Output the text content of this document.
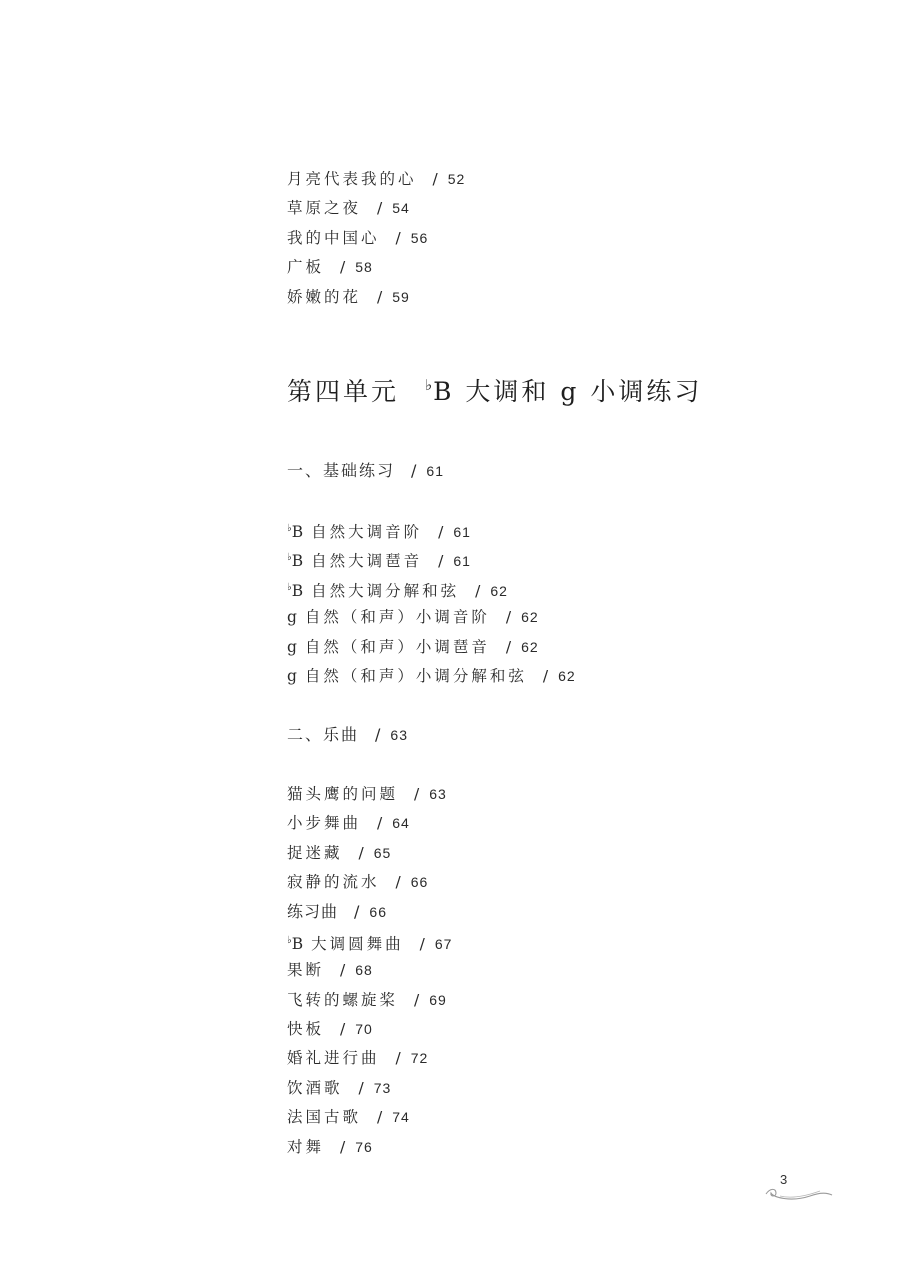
月亮代表我的心 / 52
草原之夜 / 54
我的中国心 / 56
广板 / 58
娇嫩的花 / 59
第四单元 ♭B 大调和 g 小调练习
一、基础练习 / 61
♭B 自然大调音阶 / 61
♭B 自然大调琶音 / 61
♭B 自然大调分解和弦 / 62
g 自然（和声）小调音阶 / 62
g 自然（和声）小调琶音 / 62
g 自然（和声）小调分解和弦 / 62
二、乐曲 / 63
猫头鹰的问题 / 63
小步舞曲 / 64
捉迷藏 / 65
寂静的流水 / 66
练习曲 / 66
♭B 大调圆舞曲 / 67
果断 / 68
飞转的螺旋桨 / 69
快板 / 70
婚礼进行曲 / 72
饮酒歌 / 73
法国古歌 / 74
对舞 / 76
3
